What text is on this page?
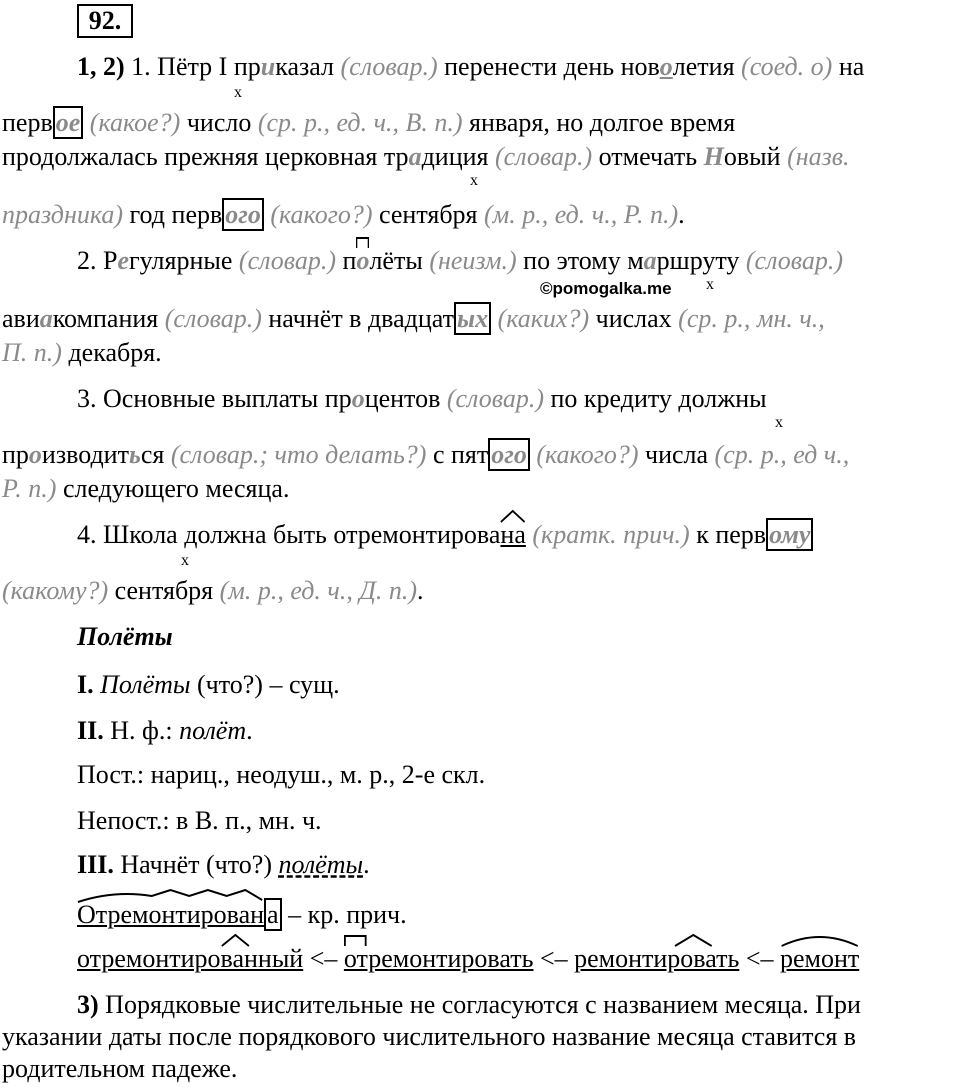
92.
1, 2) 1. Пётр I приказал (словар.) перенести день новолетия (соед. о) на
x
перв ое (какое?) число (ср. р., ед. ч., В. п.) января, но долгое время
продолжалась прежняя церковная традиция (словар.) отмечать Новый (назв.
x
праздника) год перв ого (какого?) сентября (м. р., ед. ч., Р. п.).
2. Регулярные (словар.) п
олёты (неизм.) по этому маршруту (словар.)
©pomogalka.me x
авиакомпания (словар.) начнёт в двадцат ых (каких?) числах (ср. р., мн. ч.,
П. п.) декабря.
3. Основные выплаты процентов (словар.) по кредиту должны
x
производиться (словар.; что делать?) с пят ого (какого?) числа (ср. р., ед ч.,
Р. п.) следующего месяца.
4. Школа должна быть отремонтирова
на (кратк. прич.) к перв ому
x
(какому?) сентября (м. р., ед. ч., Д. п.).
Полёты
I. Полёты (что?) – сущ.
II. Н. ф.: полёт.
Пост.: нариц., неодуш., м. р., 2-е скл.
Непост.: в В. п., мн. ч.
III. Начнёт (что?) полёты.
Отремонтирован а – кр. прич.
отремонтированный <–
отремонтировать <–
ремонтировать <–
ремонт
3) Порядковые числительные не согласуются с названием месяца. При
указании даты после порядкового числительного название месяца ставится в
родительном падеже.
